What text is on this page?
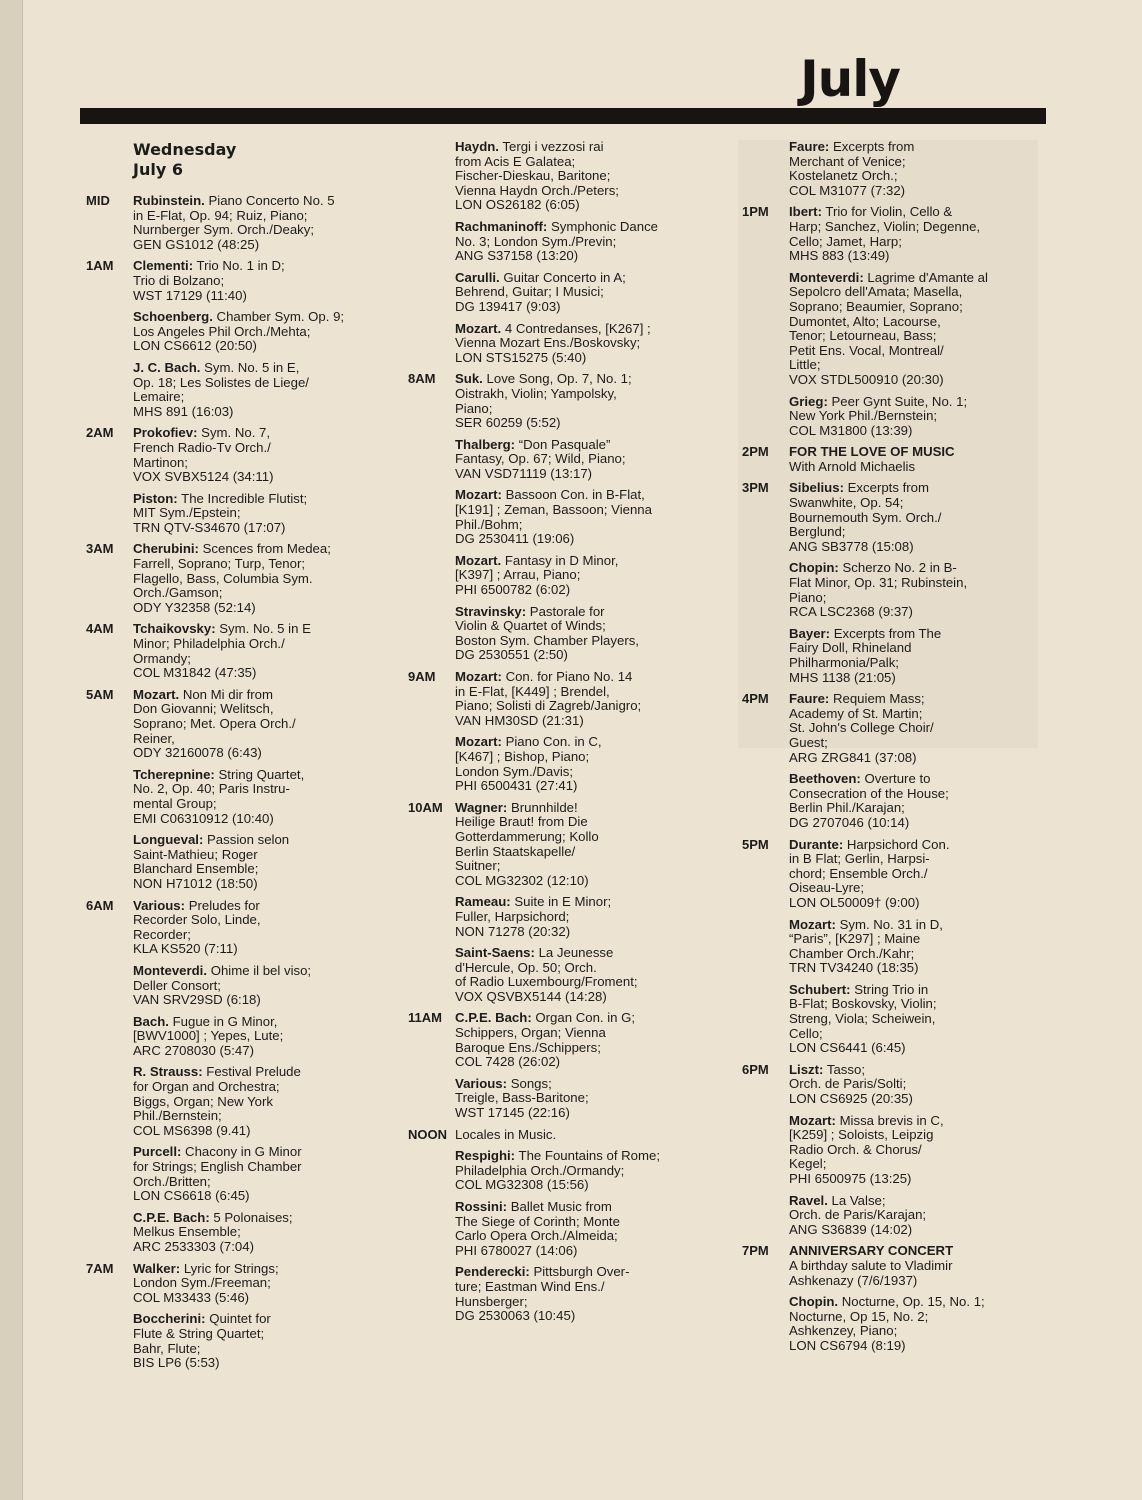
July
Wednesday
July 6
MID	Rubinstein. Piano Concerto No. 5
in E-Flat, Op. 94; Ruiz, Piano;
Nurnberger Sym. Orch./Deaky;
GEN GS1012 (48:25)
1AM	Clementi: Trio No. 1 in D;
Trio di Bolzano;
WST 17129 (11:40)
Schoenberg. Chamber Sym. Op. 9;
Los Angeles Phil Orch./Mehta;
LON CS6612 (20:50)
J. C. Bach. Sym. No. 5 in E,
Op. 18; Les Solistes de Liege/
Lemaire;
MHS 891 (16:03)
2AM	Prokofiev: Sym. No. 7,
French Radio-Tv Orch./
Martinon;
VOX SVBX5124 (34:11)
Piston: The Incredible Flutist;
MIT Sym./Epstein;
TRN QTV-S34670 (17:07)
3AM	Cherubini: Scences from Medea;
Farrell, Soprano; Turp, Tenor;
Flagello, Bass, Columbia Sym.
Orch./Gamson;
ODY Y32358 (52:14)
4AM	Tchaikovsky: Sym. No. 5 in E
Minor; Philadelphia Orch./
Ormandy;
COL M31842 (47:35)
5AM	Mozart. Non Mi dir from
Don Giovanni; Welitsch,
Soprano; Met. Opera Orch./
Reiner,
ODY 32160078 (6:43)
Tcherepnine: String Quartet,
No. 2, Op. 40; Paris Instru-
mental Group;
EMI C06310912 (10:40)
Longueval: Passion selon
Saint-Mathieu; Roger
Blanchard Ensemble;
NON H71012 (18:50)
6AM	Various: Preludes for
Recorder Solo, Linde,
Recorder;
KLA KS520 (7:11)
Monteverdi. Ohime il bel viso;
Deller Consort;
VAN SRV29SD (6:18)
Bach. Fugue in G Minor,
[BWV1000] ; Yepes, Lute;
ARC 2708030 (5:47)
R. Strauss: Festival Prelude
for Organ and Orchestra;
Biggs, Organ; New York
Phil./Bernstein;
COL MS6398 (9.41)
Purcell: Chacony in G Minor
for Strings; English Chamber
Orch./Britten;
LON CS6618 (6:45)
C.P.E. Bach: 5 Polonaises;
Melkus Ensemble;
ARC 2533303 (7:04)
7AM	Walker: Lyric for Strings;
London Sym./Freeman;
COL M33433 (5:46)
Boccherini: Quintet for
Flute & String Quartet;
Bahr, Flute;
BIS LP6 (5:53)
Haydn. Tergi i vezzosi rai
from Acis E Galatea;
Fischer-Dieskau, Baritone;
Vienna Haydn Orch./Peters;
LON OS26182 (6:05)
Rachmaninoff: Symphonic Dance
No. 3; London Sym./Previn;
ANG S37158 (13:20)
Carulli. Guitar Concerto in A;
Behrend, Guitar; I Musici;
DG 139417 (9:03)
Mozart. 4 Contredanses, [K267] ;
Vienna Mozart Ens./Boskovsky;
LON STS15275 (5:40)
8AM	Suk. Love Song, Op. 7, No. 1;
Oistrakh, Violin; Yampolsky,
Piano;
SER 60259 (5:52)
Thalberg: “Don Pasquale”
Fantasy, Op. 67; Wild, Piano;
VAN VSD71119 (13:17)
Mozart: Bassoon Con. in B-Flat,
[K191] ; Zeman, Bassoon; Vienna
Phil./Bohm;
DG 2530411 (19:06)
Mozart. Fantasy in D Minor,
[K397] ; Arrau, Piano;
PHI 6500782 (6:02)
Stravinsky: Pastorale for
Violin & Quartet of Winds;
Boston Sym. Chamber Players,
DG 2530551 (2:50)
9AM	Mozart: Con. for Piano No. 14
in E-Flat, [K449] ; Brendel,
Piano; Solisti di Zagreb/Janigro;
VAN HM30SD (21:31)
Mozart: Piano Con. in C,
[K467] ; Bishop, Piano;
London Sym./Davis;
PHI 6500431 (27:41)
10AM Wagner: Brunnhilde!
Heilige Braut! from Die
Gotterdammerung; Kollo
Berlin Staatskapelle/
Suitner;
COL MG32302 (12:10)
Rameau: Suite in E Minor;
Fuller, Harpsichord;
NON 71278 (20:32)
Saint-Saens: La Jeunesse
d'Hercule, Op. 50; Orch.
of Radio Luxembourg/Froment;
VOX QSVBX5144 (14:28)
11AM C.P.E. Bach: Organ Con. in G;
Schippers, Organ; Vienna
Baroque Ens./Schippers;
COL 7428 (26:02)
Various: Songs;
Treigle, Bass-Baritone;
WST 17145 (22:16)
NOON Locales in Music.
Respighi: The Fountains of Rome;
Philadelphia Orch./Ormandy;
COL MG32308 (15:56)
Rossini: Ballet Music from
The Siege of Corinth; Monte
Carlo Opera Orch./Almeida;
PHI 6780027 (14:06)
Penderecki: Pittsburgh Over-
ture; Eastman Wind Ens./
Hunsberger;
DG 2530063 (10:45)
Faure: Excerpts from
Merchant of Venice;
Kostelanetz Orch.;
COL M31077 (7:32)
1PM	Ibert: Trio for Violin, Cello &
Harp; Sanchez, Violin; Degenne,
Cello; Jamet, Harp;
MHS 883 (13:49)
Monteverdi: Lagrime d'Amante al
Sepolcro dell'Amata; Masella,
Soprano; Beaumier, Soprano;
Dumontet, Alto; Lacourse,
Tenor; Letourneau, Bass;
Petit Ens. Vocal, Montreal/
Little;
VOX STDL500910 (20:30)
Grieg: Peer Gynt Suite, No. 1;
New York Phil./Bernstein;
COL M31800 (13:39)
2PM	FOR THE LOVE OF MUSIC
With Arnold Michaelis
3PM	Sibelius: Excerpts from
Swanwhite, Op. 54;
Bournemouth Sym. Orch./
Berglund;
ANG SB3778 (15:08)
Chopin: Scherzo No. 2 in B-
Flat Minor, Op. 31; Rubinstein,
Piano;
RCA LSC2368 (9:37)
Bayer: Excerpts from The
Fairy Doll, Rhineland
Philharmonia/Palk;
MHS 1138 (21:05)
4PM	Faure: Requiem Mass;
Academy of St. Martin;
St. John's College Choir/
Guest;
ARG ZRG841 (37:08)
Beethoven: Overture to
Consecration of the House;
Berlin Phil./Karajan;
DG 2707046 (10:14)
5PM	Durante: Harpsichord Con.
in B Flat; Gerlin, Harpsi-
chord; Ensemble Orch./
Oiseau-Lyre;
LON OL50009† (9:00)
Mozart: Sym. No. 31 in D,
“Paris”, [K297] ; Maine
Chamber Orch./Kahr;
TRN TV34240 (18:35)
Schubert: String Trio in
B-Flat; Boskovsky, Violin;
Streng, Viola; Scheiwein,
Cello;
LON CS6441 (6:45)
6PM	Liszt: Tasso;
Orch. de Paris/Solti;
LON CS6925 (20:35)
Mozart: Missa brevis in C,
[K259] ; Soloists, Leipzig
Radio Orch. & Chorus/
Kegel;
PHI 6500975 (13:25)
Ravel. La Valse;
Orch. de Paris/Karajan;
ANG S36839 (14:02)
7PM	ANNIVERSARY CONCERT
A birthday salute to Vladimir
Ashkenazy (7/6/1937)
Chopin. Nocturne, Op. 15, No. 1;
Nocturne, Op 15, No. 2;
Ashkenzey, Piano;
LON CS6794 (8:19)
